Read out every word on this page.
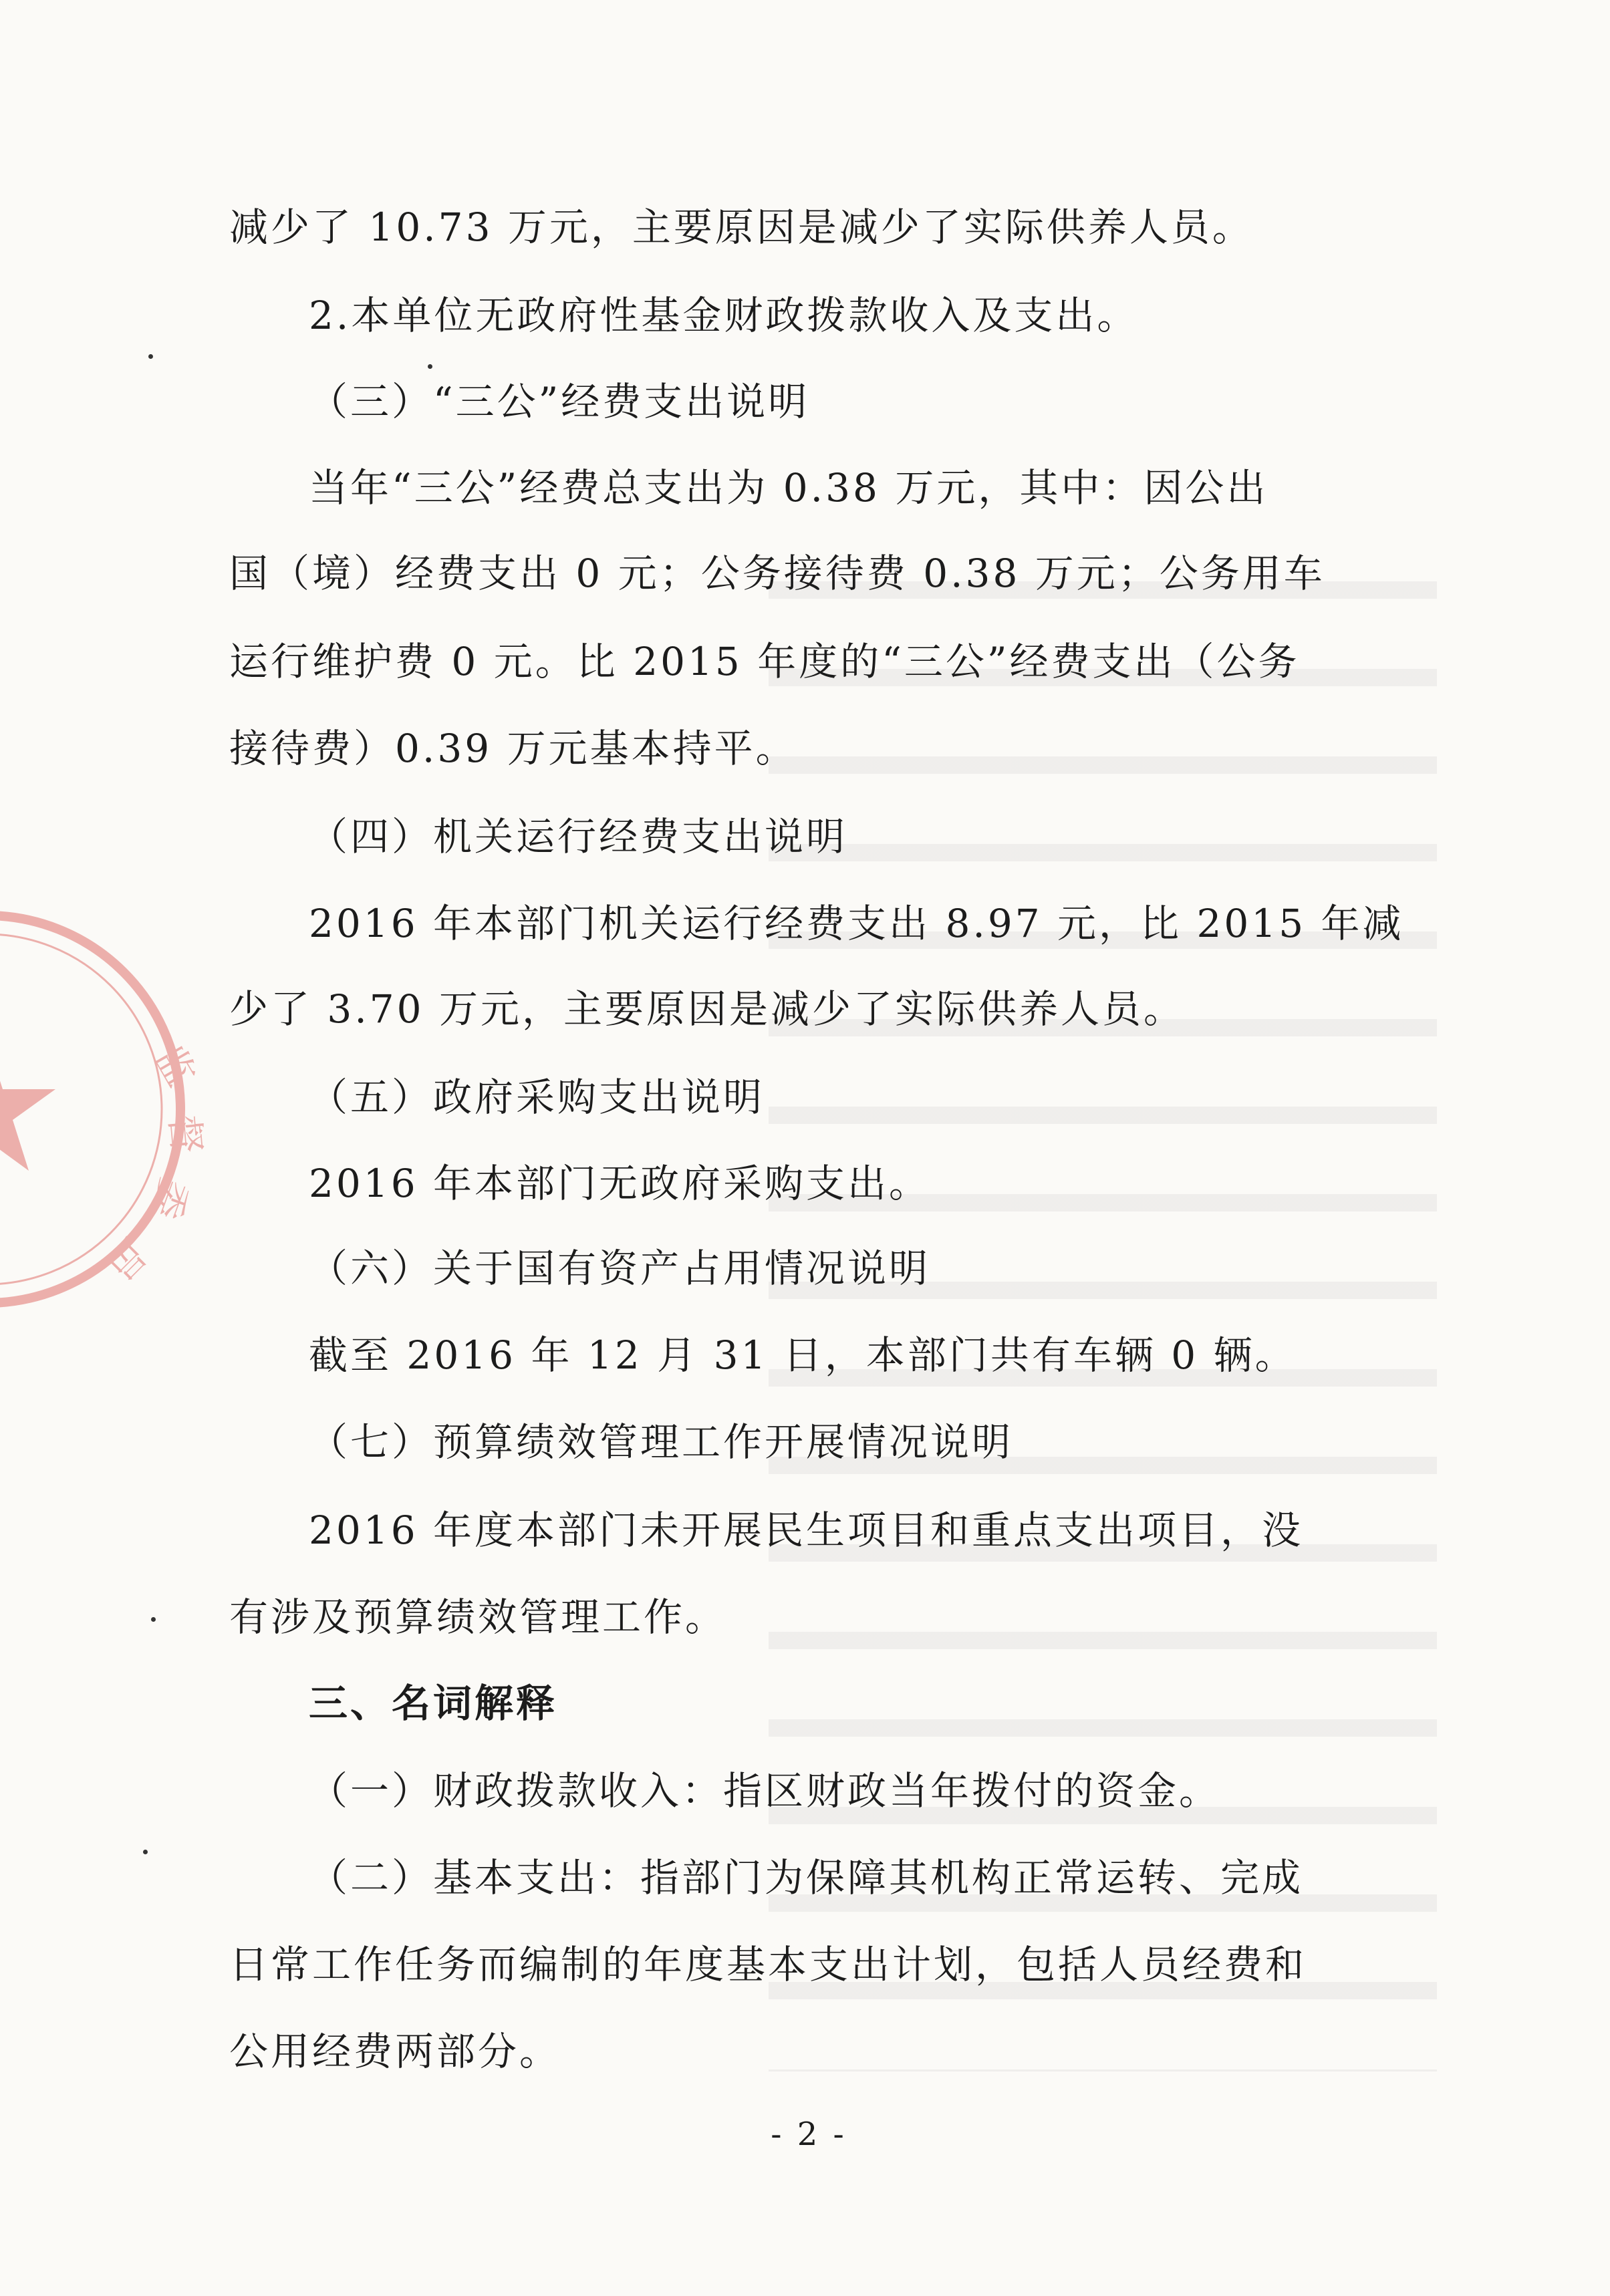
监
督
委
员
减少了 10.73 万元，主要原因是减少了实际供养人员。
2.本单位无政府性基金财政拨款收入及支出。
（三）“三公”经费支出说明
当年“三公”经费总支出为 0.38 万元，其中：因公出
国（境）经费支出 0 元；公务接待费 0.38 万元；公务用车
运行维护费 0 元。比 2015 年度的“三公”经费支出（公务
接待费）0.39 万元基本持平。
（四）机关运行经费支出说明
2016 年本部门机关运行经费支出 8.97 元，比 2015 年减
少了 3.70 万元，主要原因是减少了实际供养人员。
（五）政府采购支出说明
2016 年本部门无政府采购支出。
（六）关于国有资产占用情况说明
截至 2016 年 12 月 31 日，本部门共有车辆 0 辆。
（七）预算绩效管理工作开展情况说明
2016 年度本部门未开展民生项目和重点支出项目，没
有涉及预算绩效管理工作。
三、名词解释
（一）财政拨款收入：指区财政当年拨付的资金。
（二）基本支出：指部门为保障其机构正常运转、完成
日常工作任务而编制的年度基本支出计划，包括人员经费和
公用经费两部分。
- 2 -
